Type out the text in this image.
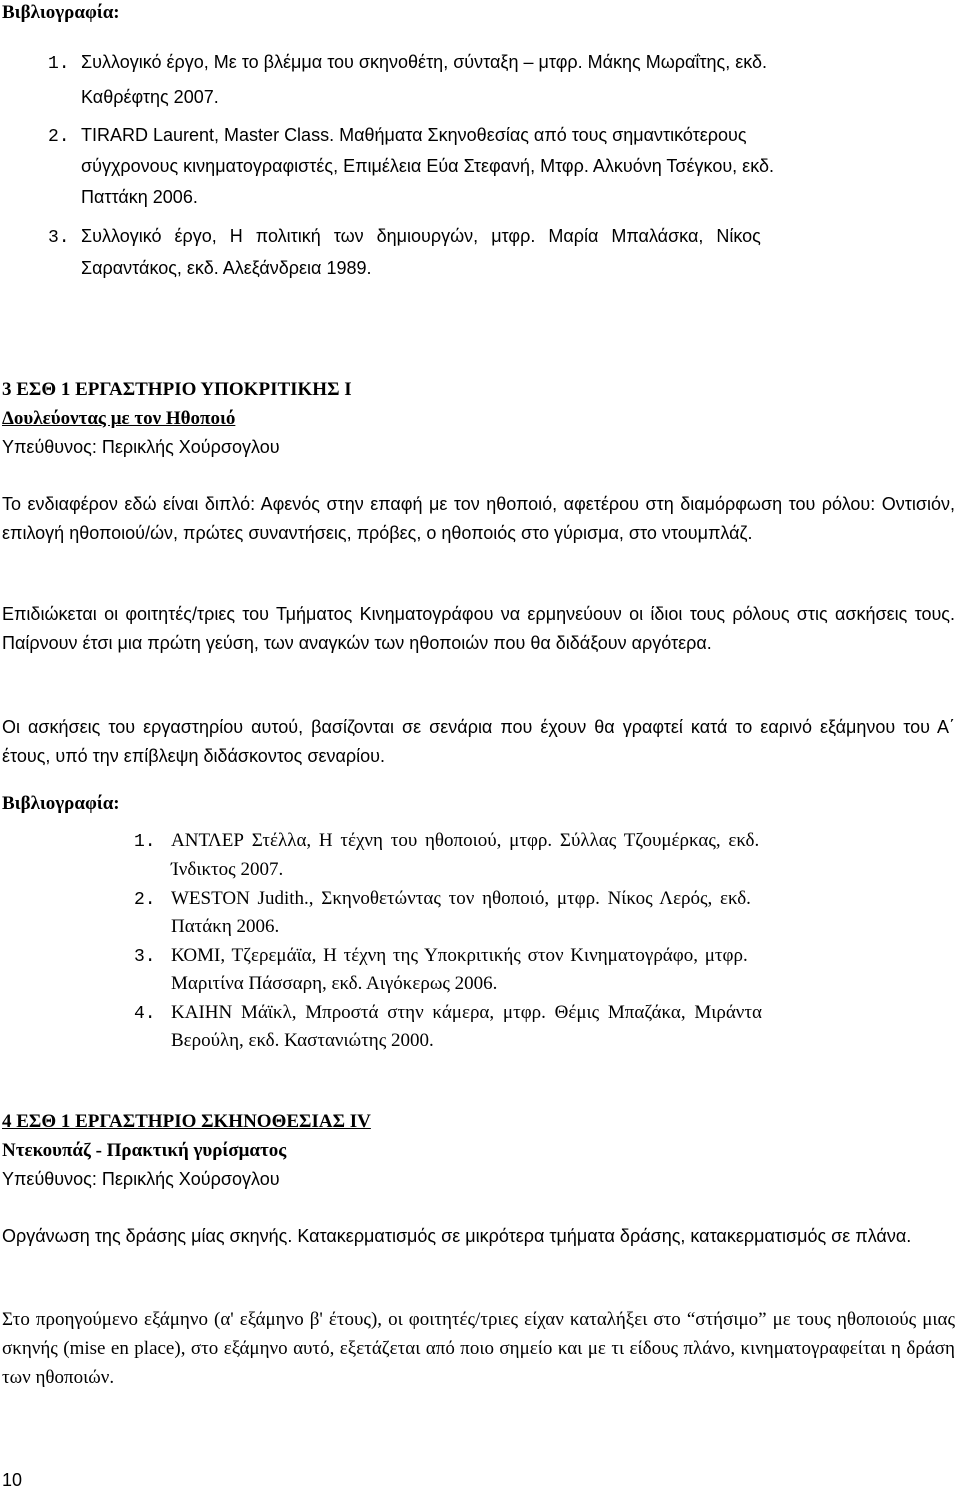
Βιβλιογραφία:
1. Συλλογικό έργο, Με το βλέμμα του σκηνοθέτη, σύνταξη – μτφρ. Μάκης Μωραΐτης, εκδ.
Καθρέφτης 2007.
2. TIRARD Laurent, Master Class. Μαθήματα Σκηνοθεσίας από τους σημαντικότερους
σύγχρονους κινηματογραφιστές, Επιμέλεια Εύα Στεφανή, Μτφρ. Αλκυόνη Τσέγκου, εκδ.
Παττάκη 2006.
3. Συλλογικό έργο, Η πολιτική των δημιουργών, μτφρ. Μαρία Μπαλάσκα, Νίκος
Σαραντάκος, εκδ. Αλεξάνδρεια 1989.
3 ΕΣΘ 1 ΕΡΓΑΣΤΗΡΙΟ ΥΠΟΚΡΙΤΙΚΗΣ Ι
Δουλεύοντας με τον Ηθοποιό
Υπεύθυνος: Περικλής Χούρσογλου
Το ενδιαφέρον εδώ είναι διπλό: Αφενός στην επαφή με τον ηθοποιό, αφετέρου στη διαμόρφωση του ρόλου: Οντισιόν, επιλογή ηθοποιού/ών, πρώτες συναντήσεις, πρόβες, ο ηθοποιός στο γύρισμα, στο ντουμπλάζ.
Επιδιώκεται οι φοιτητές/τριες του Τμήματος Κινηματογράφου να ερμηνεύουν οι ίδιοι τους ρόλους στις ασκήσεις τους. Παίρνουν έτσι μια πρώτη γεύση, των αναγκών των ηθοποιών που θα διδάξουν αργότερα.
Οι ασκήσεις του εργαστηρίου αυτού, βασίζονται σε σενάρια που έχουν θα γραφτεί κατά το εαρινό εξάμηνου του Α΄ έτους, υπό την επίβλεψη διδάσκοντος σεναρίου.
Βιβλιογραφία:
1. ΑΝΤΛΕΡ Στέλλα, Η τέχνη του ηθοποιού, μτφρ. Σύλλας Τζουμέρκας, εκδ.
Ίνδικτος 2007.
2. WESTON Judith., Σκηνοθετώντας τον ηθοποιό, μτφρ. Νίκος Λερός, εκδ.
Πατάκη 2006.
3. ΚΟΜΙ, Τζερεμάϊα, Η τέχνη της Υποκριτικής στον Κινηματογράφο, μτφρ.
Μαριτίνα Πάσσαρη, εκδ. Αιγόκερως 2006.
4. ΚΑΙΗΝ Μάϊκλ, Μπροστά στην κάμερα, μτφρ. Θέμις Μπαζάκα, Μιράντα
Βερούλη, εκδ. Καστανιώτης 2000.
4 ΕΣΘ 1 ΕΡΓΑΣΤΗΡΙΟ ΣΚΗΝΟΘΕΣΙΑΣ IV
Ντεκουπάζ - Πρακτική γυρίσματος
Υπεύθυνος: Περικλής Χούρσογλου
Οργάνωση της δράσης μίας σκηνής. Κατακερματισμός σε μικρότερα τμήματα δράσης, κατακερματισμός σε πλάνα.
Στο προηγούμενο εξάμηνο (α' εξάμηνο β' έτους), οι φοιτητές/τριες είχαν καταλήξει στο “στήσιμο” με τους ηθοποιούς μιας σκηνής (mise en place), στο εξάμηνο αυτό, εξετάζεται από ποιο σημείο και με τι είδους πλάνο, κινηματογραφείται η δράση των ηθοποιών.
10
